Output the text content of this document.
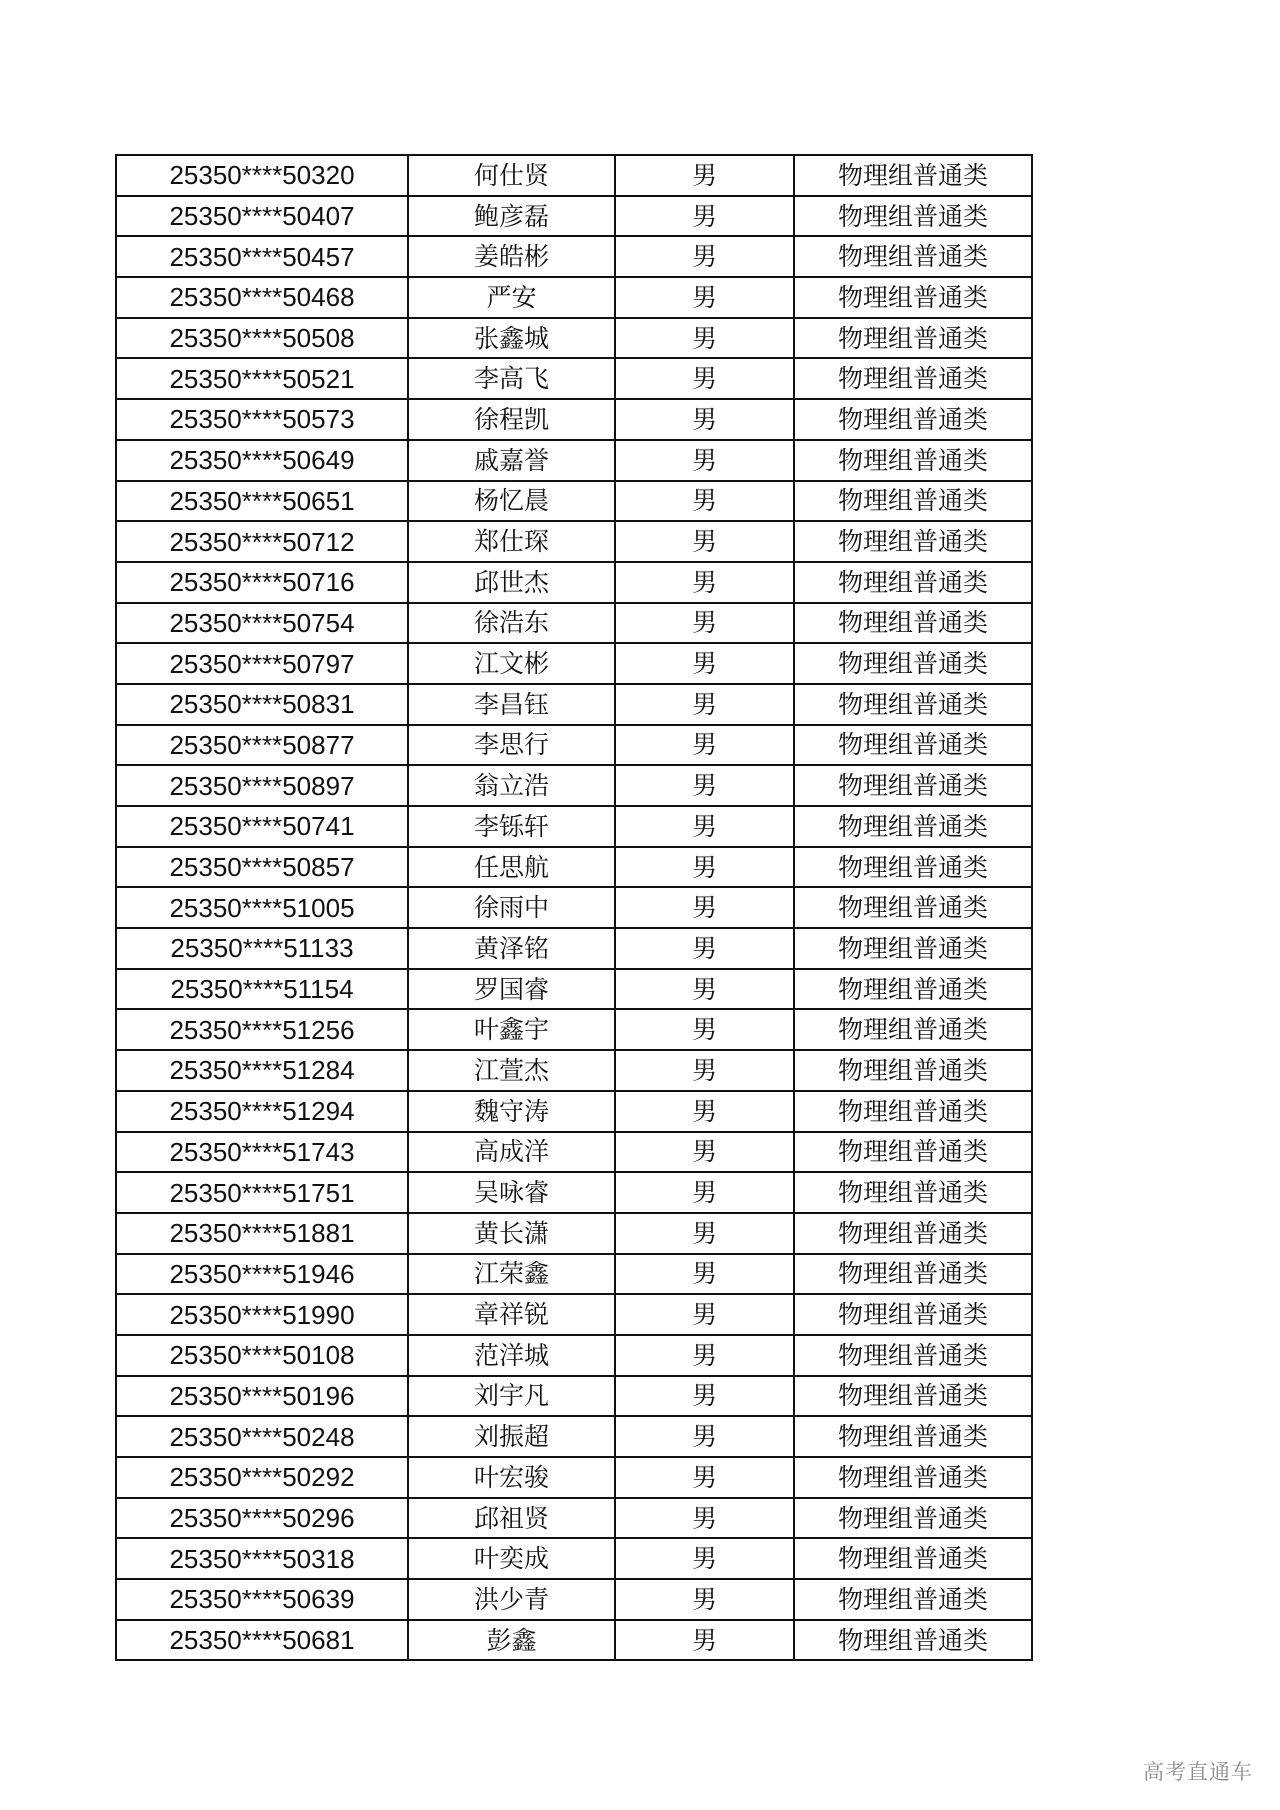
25350****50320	何仕贤	男	物理组普通类
25350****50407	鲍彦磊	男	物理组普通类
25350****50457	姜皓彬	男	物理组普通类
25350****50468	严安	男	物理组普通类
25350****50508	张鑫城	男	物理组普通类
25350****50521	李高飞	男	物理组普通类
25350****50573	徐程凯	男	物理组普通类
25350****50649	戚嘉誉	男	物理组普通类
25350****50651	杨忆晨	男	物理组普通类
25350****50712	郑仕琛	男	物理组普通类
25350****50716	邱世杰	男	物理组普通类
25350****50754	徐浩东	男	物理组普通类
25350****50797	江文彬	男	物理组普通类
25350****50831	李昌钰	男	物理组普通类
25350****50877	李思行	男	物理组普通类
25350****50897	翁立浩	男	物理组普通类
25350****50741	李铄轩	男	物理组普通类
25350****50857	任思航	男	物理组普通类
25350****51005	徐雨中	男	物理组普通类
25350****51133	黄泽铭	男	物理组普通类
25350****51154	罗国睿	男	物理组普通类
25350****51256	叶鑫宇	男	物理组普通类
25350****51284	江萱杰	男	物理组普通类
25350****51294	魏守涛	男	物理组普通类
25350****51743	高成洋	男	物理组普通类
25350****51751	吴咏睿	男	物理组普通类
25350****51881	黄长潇	男	物理组普通类
25350****51946	江荣鑫	男	物理组普通类
25350****51990	章祥锐	男	物理组普通类
25350****50108	范洋城	男	物理组普通类
25350****50196	刘宇凡	男	物理组普通类
25350****50248	刘振超	男	物理组普通类
25350****50292	叶宏骏	男	物理组普通类
25350****50296	邱祖贤	男	物理组普通类
25350****50318	叶奕成	男	物理组普通类
25350****50639	洪少青	男	物理组普通类
25350****50681	彭鑫	男	物理组普通类
高考直通车
